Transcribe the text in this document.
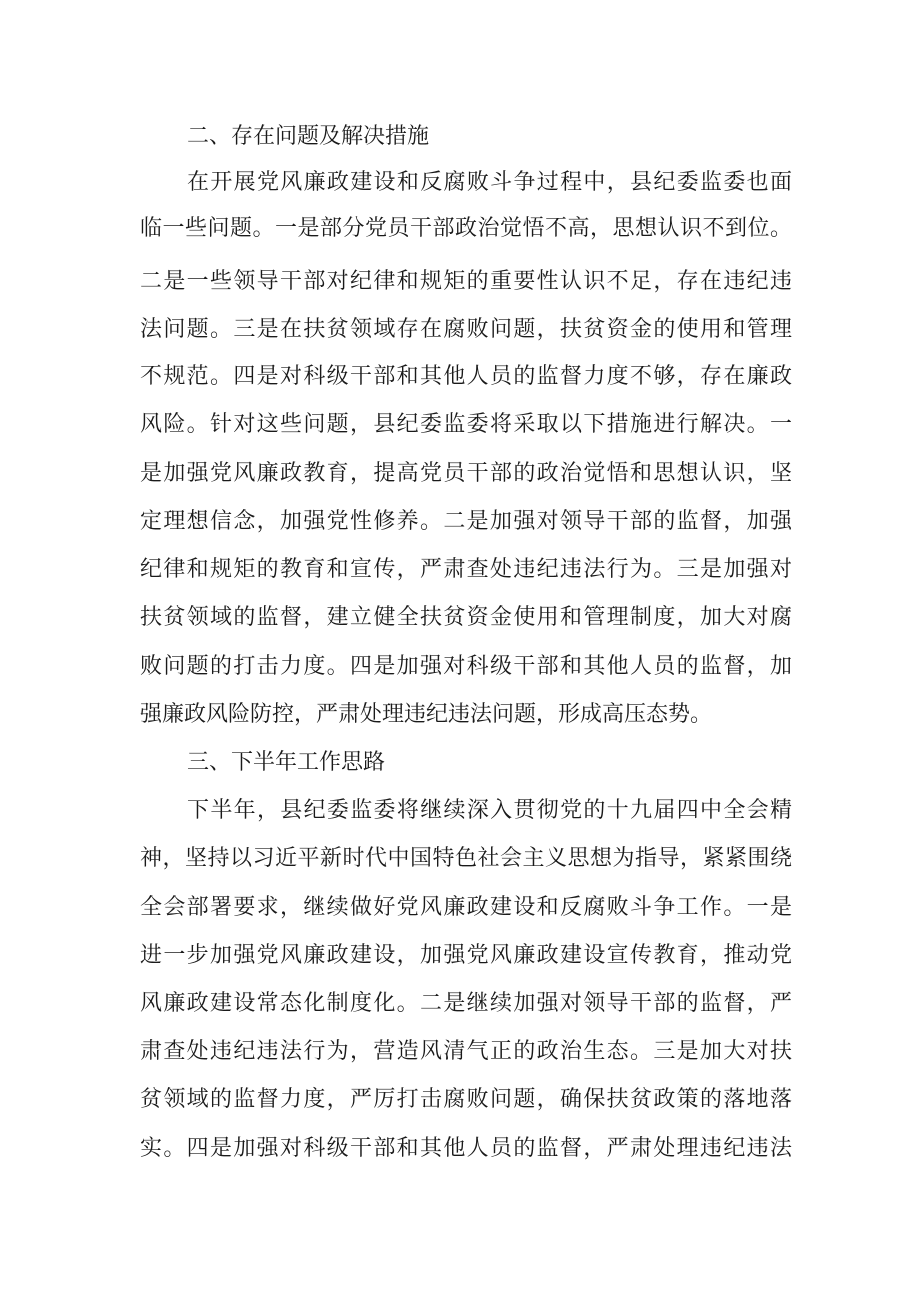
二、存在问题及解决措施
在开展党风廉政建设和反腐败斗争过程中，县纪委监委也面
临一些问题。一是部分党员干部政治觉悟不高，思想认识不到位。
二是一些领导干部对纪律和规矩的重要性认识不足，存在违纪违
法问题。三是在扶贫领域存在腐败问题，扶贫资金的使用和管理
不规范。四是对科级干部和其他人员的监督力度不够，存在廉政
风险。针对这些问题，县纪委监委将采取以下措施进行解决。一
是加强党风廉政教育，提高党员干部的政治觉悟和思想认识，坚
定理想信念，加强党性修养。二是加强对领导干部的监督，加强
纪律和规矩的教育和宣传，严肃查处违纪违法行为。三是加强对
扶贫领域的监督，建立健全扶贫资金使用和管理制度，加大对腐
败问题的打击力度。四是加强对科级干部和其他人员的监督，加
强廉政风险防控，严肃处理违纪违法问题，形成高压态势。
三、下半年工作思路
下半年，县纪委监委将继续深入贯彻党的十九届四中全会精
神，坚持以习近平新时代中国特色社会主义思想为指导，紧紧围绕
全会部署要求，继续做好党风廉政建设和反腐败斗争工作。一是
进一步加强党风廉政建设，加强党风廉政建设宣传教育，推动党
风廉政建设常态化制度化。二是继续加强对领导干部的监督，严
肃查处违纪违法行为，营造风清气正的政治生态。三是加大对扶
贫领域的监督力度，严厉打击腐败问题，确保扶贫政策的落地落
实。四是加强对科级干部和其他人员的监督，严肃处理违纪违法
